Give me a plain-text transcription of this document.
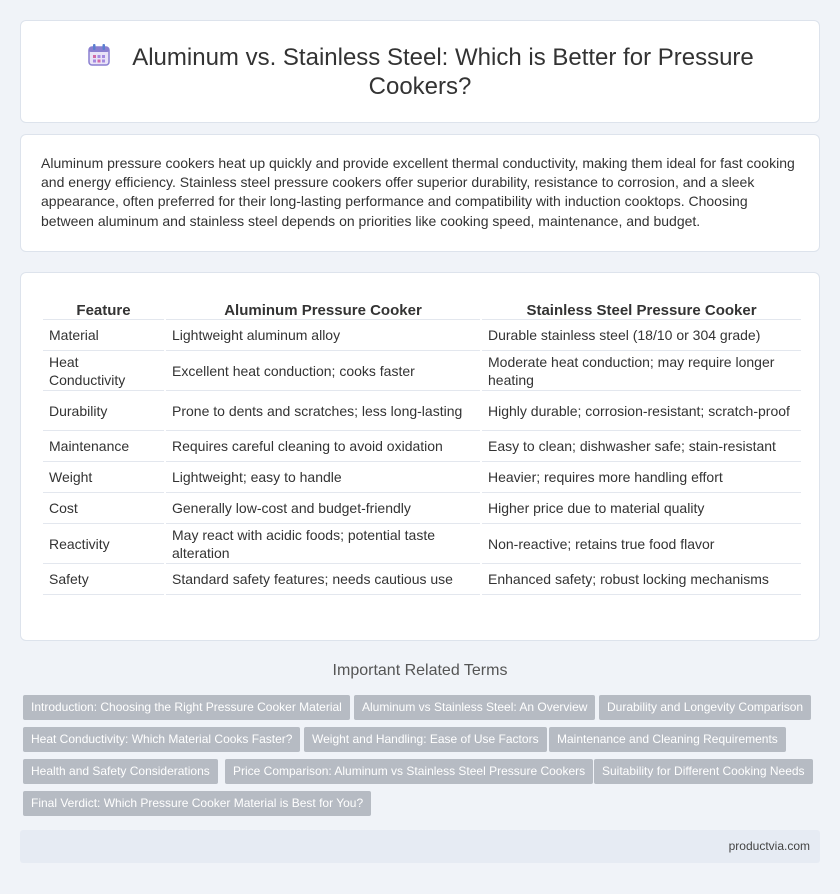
Aluminum vs. Stainless Steel: Which is Better for Pressure Cookers?

Aluminum pressure cookers heat up quickly and provide excellent thermal conductivity, making them ideal for fast cooking and energy efficiency. Stainless steel pressure cookers offer superior durability, resistance to corrosion, and a sleek appearance, often preferred for their long-lasting performance and compatibility with induction cooktops. Choosing between aluminum and stainless steel depends on priorities like cooking speed, maintenance, and budget.

Feature	Aluminum Pressure Cooker	Stainless Steel Pressure Cooker
Material	Lightweight aluminum alloy	Durable stainless steel (18/10 or 304 grade)
Heat Conductivity	Excellent heat conduction; cooks faster	Moderate heat conduction; may require longer heating
Durability	Prone to dents and scratches; less long-lasting	Highly durable; corrosion-resistant; scratch-proof
Maintenance	Requires careful cleaning to avoid oxidation	Easy to clean; dishwasher safe; stain-resistant
Weight	Lightweight; easy to handle	Heavier; requires more handling effort
Cost	Generally low-cost and budget-friendly	Higher price due to material quality
Reactivity	May react with acidic foods; potential taste alteration	Non-reactive; retains true food flavor
Safety	Standard safety features; needs cautious use	Enhanced safety; robust locking mechanisms
Important Related Terms
Introduction: Choosing the Right Pressure Cooker Material	Aluminum vs Stainless Steel: An Overview	Durability and Longevity Comparison
Heat Conductivity: Which Material Cooks Faster?	Weight and Handling: Ease of Use Factors	Maintenance and Cleaning Requirements
Health and Safety Considerations	Price Comparison: Aluminum vs Stainless Steel Pressure Cookers	Suitability for Different Cooking Needs
Final Verdict: Which Pressure Cooker Material is Best for You?
productvia.com
